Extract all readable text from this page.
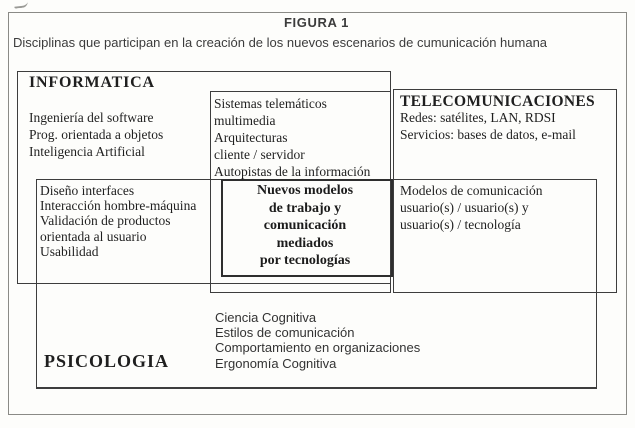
FIGURA 1
Disciplinas que participan en la creación de los nuevos escenarios de cumunicación humana
INFORMATICA
TELECOMUNICACIONES
PSICOLOGIA
Ingeniería del software
Prog. orientada a objetos
Inteligencia Artificial
Sistemas telemáticos
multimedia
Arquitecturas
cliente / servidor
Autopistas de la información
Redes: satélites, LAN, RDSI
Servicios: bases de datos, e-mail
Diseño interfaces
Interacción hombre-máquina
Validación de productos
orientada al usuario
Usabilidad
Nuevos modelos
de trabajo y
comunicación
mediados
por tecnologías
Modelos de comunicación
usuario(s) / usuario(s) y
usuario(s) / tecnología
Ciencia Cognitiva
Estilos de comunicación
Comportamiento en organizaciones
Ergonomía Cognitiva
